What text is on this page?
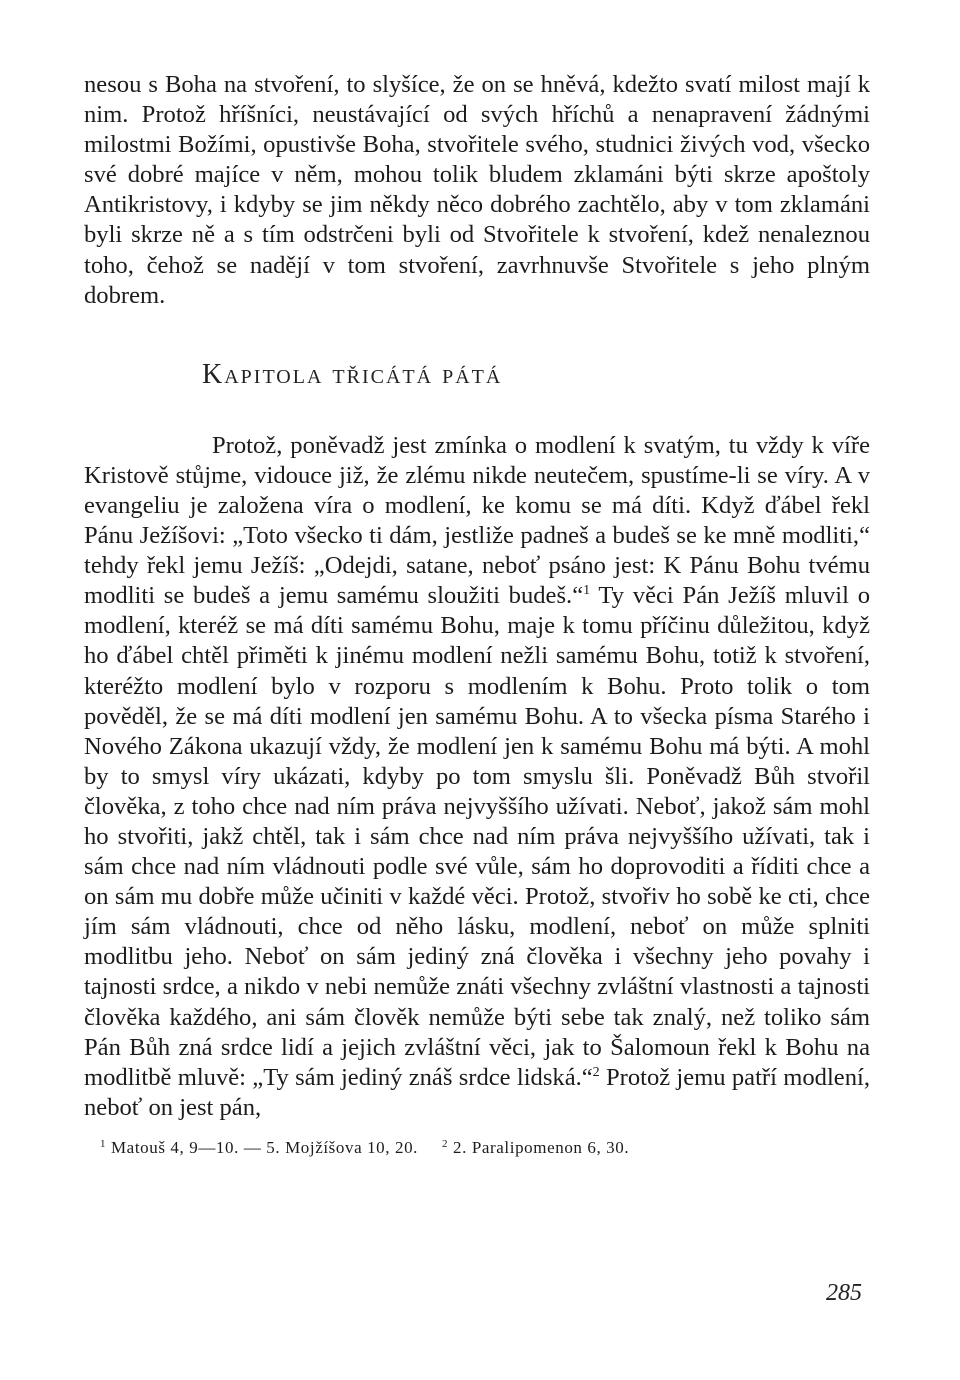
nesou s Boha na stvoření, to slyšíce, že on se hněvá, kdežto svatí milost mají k nim. Protož hříšníci, neustávající od svých hříchů a nenapravení žádnými milostmi Božími, opustivše Boha, stvořitele svého, studnici živých vod, všecko své dobré majíce v něm, mohou tolik bludem zklamáni býti skrze apoštoly Antikristovy, i kdyby se jim někdy něco dobrého zachtělo, aby v tom zklamáni byli skrze ně a s tím odstrčeni byli od Stvořitele k stvoření, kdež nenaleznou toho, čehož se nadějí v tom stvoření, zavrhnuvše Stvořitele s jeho plným dobrem.

Kapitola třicátá pátá

Protož, poněvadž jest zmínka o modlení k svatým, tu vždy k víře Kristově stůjme, vidouce již, že zlému nikde neutečem, spustíme-li se víry. A v evangeliu je založena víra o modlení, ke komu se má díti. Když ďábel řekl Pánu Ježíšovi: „Toto všecko ti dám, jestliže padneš a budeš se ke mně modliti,“ tehdy řekl jemu Ježíš: „Odejdi, satane, neboť psáno jest: K Pánu Bohu tvému modliti se budeš a jemu samému sloužiti budeš.“$^1$ Ty věci Pán Ježíš mluvil o modlení, kteréž se má díti samému Bohu, maje k tomu příčinu důležitou, když ho ďábel chtěl přiměti k jinému modlení nežli samému Bohu, totiž k stvoření, kteréžto modlení bylo v rozporu s modlením k Bohu. Proto tolik o tom pověděl, že se má díti modlení jen samému Bohu. A to všecka písma Starého i Nového Zákona ukazují vždy, že modlení jen k samému Bohu má býti. A mohl by to smysl víry ukázati, kdyby po tom smyslu šli. Poněvadž Bůh stvořil člověka, z toho chce nad ním práva nejvyššího užívati. Neboť, jakož sám mohl ho stvořiti, jakž chtěl, tak i sám chce nad ním práva nejvyššího užívati, tak i sám chce nad ním vládnouti podle své vůle, sám ho doprovoditi a říditi chce a on sám mu dobře může učiniti v každé věci. Protož, stvořiv ho sobě ke cti, chce jím sám vládnouti, chce od něho lásku, modlení, neboť on může splniti modlitbu jeho. Neboť on sám jediný zná člověka i všechny jeho povahy i tajnosti srdce, a nikdo v nebi nemůže znáti všechny zvláštní vlastnosti a tajnosti člověka každého, ani sám člověk nemůže býti sebe tak znalý, než toliko sám Pán Bůh zná srdce lidí a jejich zvláštní věci, jak to Šalomoun řekl k Bohu na modlitbě mluvě: „Ty sám jediný znáš srdce lidská.“$^2$ Protož jemu patří modlení, neboť on jest pán,

$^1$ Matouš 4, 9—10. — 5. Mojžíšova 10, 20. $^2$ 2. Paralipomenon 6, 30.
285
